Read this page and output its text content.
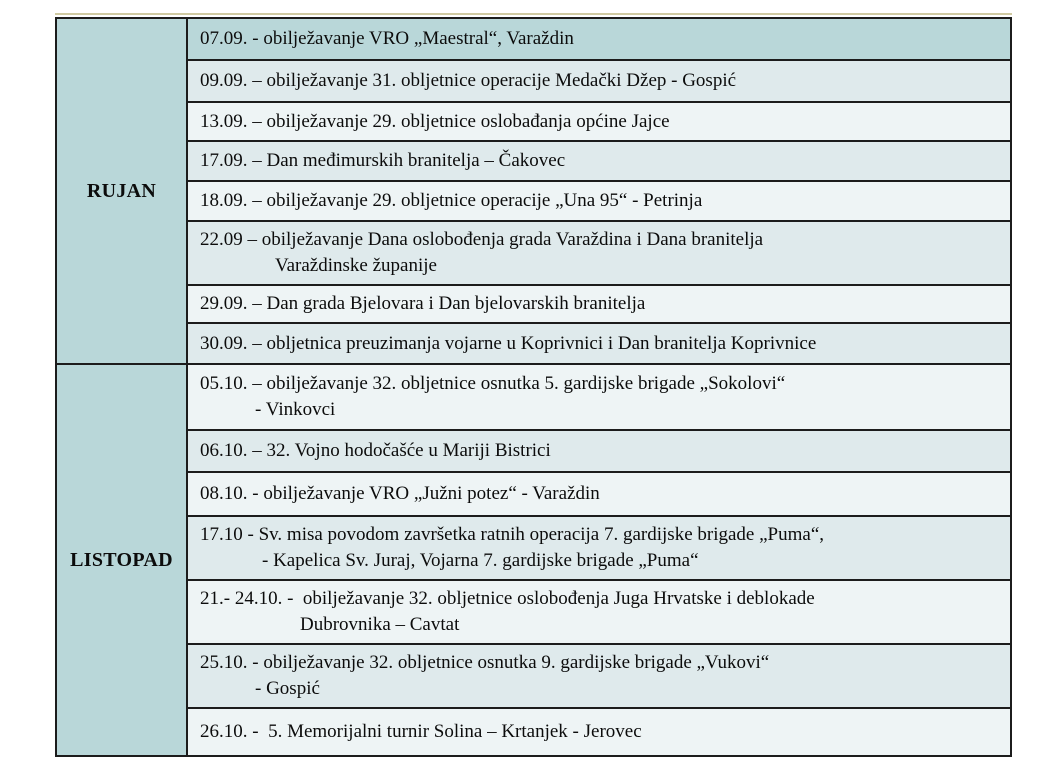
RUJAN	07.09. - obilježavanje VRO „Maestral“, Varaždin

	09.09. – obilježavanje 31. obljetnice operacije Medački Džep - Gospić

	13.09. – obilježavanje 29. obljetnice oslobađanja općine Jajce

	17.09. – Dan međimurskih branitelja – Čakovec

	18.09. – obilježavanje 29. obljetnice operacije „Una 95“ - Petrinja

	22.09 – obilježavanje Dana oslobođenja grada Varaždina i Dana branitelja
Varaždinske županije

	29.09. – Dan grada Bjelovara i Dan bjelovarskih branitelja

	30.09. – obljetnica preuzimanja vojarne u Koprivnici i Dan branitelja Koprivnice

LISTOPAD	05.10. – obilježavanje 32. obljetnice osnutka 5. gardijske brigade „Sokolovi“
- Vinkovci

	06.10. – 32. Vojno hodočašće u Mariji Bistrici

	08.10. - obilježavanje VRO „Južni potez“ - Varaždin

	17.10 - Sv. misa povodom završetka ratnih operacija 7. gardijske brigade „Puma“,
- Kapelica Sv. Juraj, Vojarna 7. gardijske brigade „Puma“

	21.- 24.10. -  obilježavanje 32. obljetnice oslobođenja Juga Hrvatske i deblokade
Dubrovnika – Cavtat

	25.10. - obilježavanje 32. obljetnice osnutka 9. gardijske brigade „Vukovi“
- Gospić

	26.10. -  5. Memorijalni turnir Solina – Krtanjek - Jerovec
